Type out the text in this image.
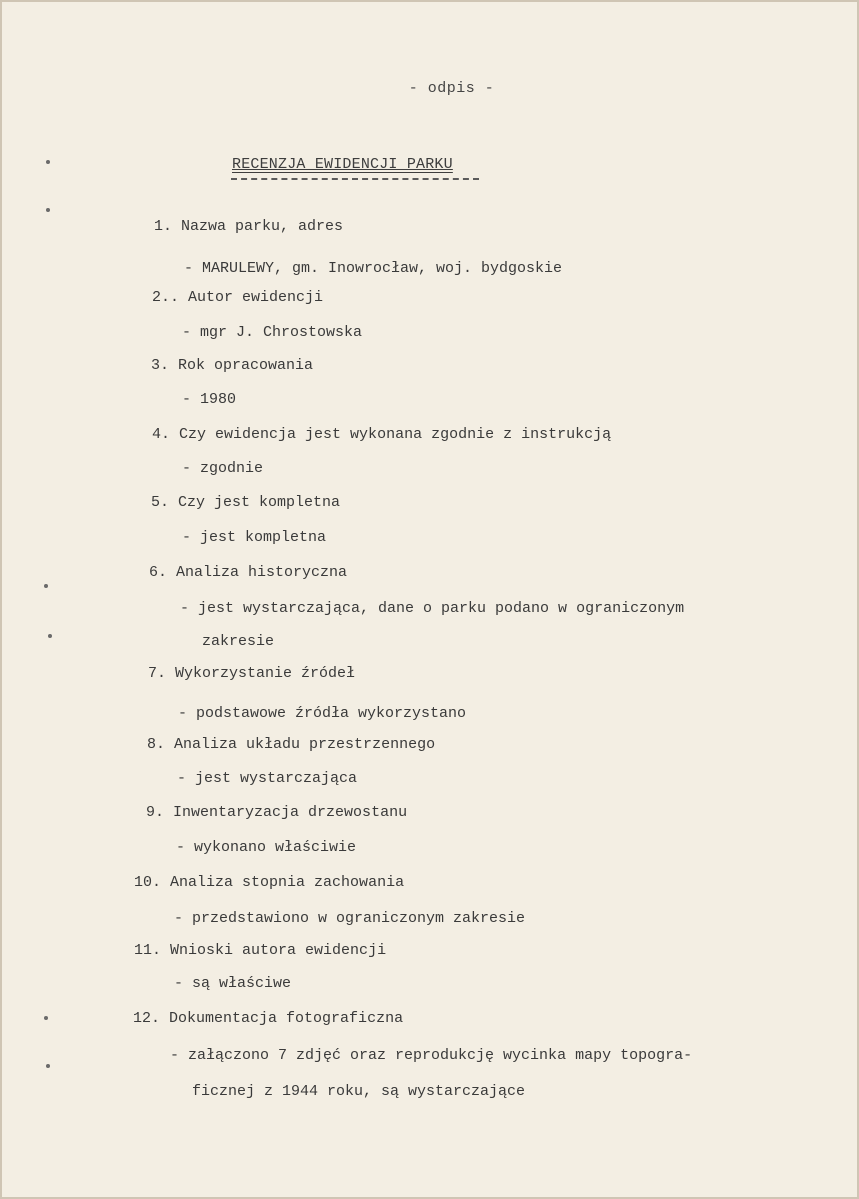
- odpis -
RECENZJA EWIDENCJI PARKU
1. Nazwa parku, adres
- MARULEWY, gm. Inowrocław, woj. bydgoskie
2.. Autor ewidencji
- mgr J. Chrostowska
3. Rok opracowania
- 1980
4. Czy ewidencja jest wykonana zgodnie z instrukcją
- zgodnie
5. Czy jest kompletna
- jest kompletna
6. Analiza historyczna
- jest wystarczająca, dane o parku podano w ograniczonym
zakresie
7. Wykorzystanie źródeł
- podstawowe źródła wykorzystano
8. Analiza układu przestrzennego
- jest wystarczająca
9. Inwentaryzacja drzewostanu
- wykonano właściwie
10. Analiza stopnia zachowania
- przedstawiono w ograniczonym zakresie
11. Wnioski autora ewidencji
- są właściwe
12. Dokumentacja fotograficzna
- załączono 7 zdjęć oraz reprodukcję wycinka mapy topogra-
ficznej z 1944 roku, są wystarczające
